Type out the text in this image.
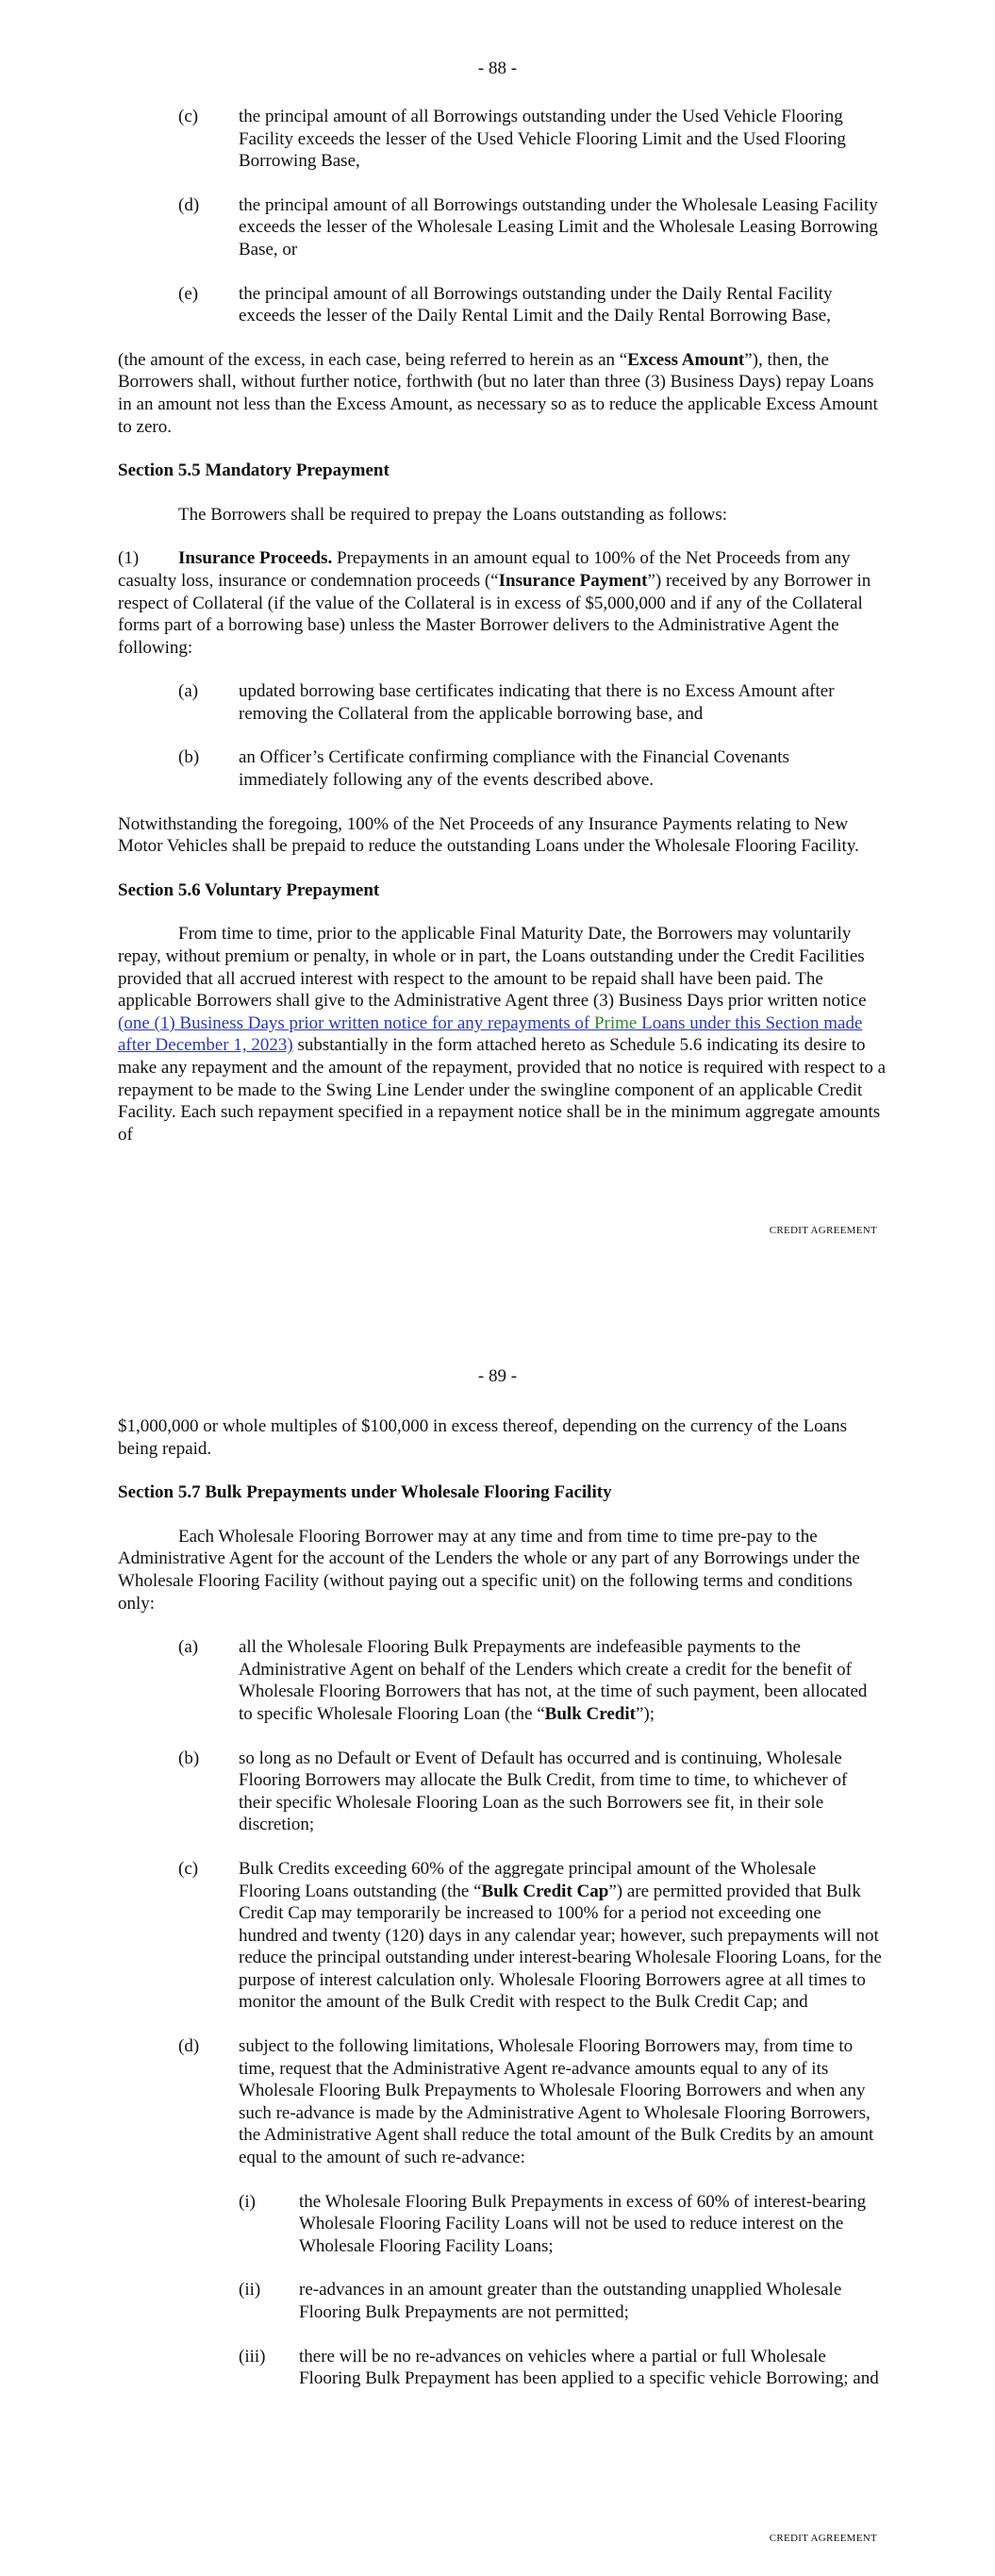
- 88 -
(c)	the principal amount of all Borrowings outstanding under the Used Vehicle Flooring Facility exceeds the lesser of the Used Vehicle Flooring Limit and the Used Flooring Borrowing Base,
(d)	the principal amount of all Borrowings outstanding under the Wholesale Leasing Facility exceeds the lesser of the Wholesale Leasing Limit and the Wholesale Leasing Borrowing Base, or
(e)	the principal amount of all Borrowings outstanding under the Daily Rental Facility exceeds the lesser of the Daily Rental Limit and the Daily Rental Borrowing Base,

(the amount of the excess, in each case, being referred to herein as an “Excess Amount”), then, the Borrowers shall, without further notice, forthwith (but no later than three (3) Business Days) repay Loans in an amount not less than the Excess Amount, as necessary so as to reduce the applicable Excess Amount to zero.

Section 5.5 Mandatory Prepayment

The Borrowers shall be required to prepay the Loans outstanding as follows:

(1) Insurance Proceeds. Prepayments in an amount equal to 100% of the Net Proceeds from any casualty loss, insurance or condemnation proceeds (“Insurance Payment”) received by any Borrower in respect of Collateral (if the value of the Collateral is in excess of $5,000,000 and if any of the Collateral forms part of a borrowing base) unless the Master Borrower delivers to the Administrative Agent the following:

(a)	updated borrowing base certificates indicating that there is no Excess Amount after removing the Collateral from the applicable borrowing base, and
(b)	an Officer’s Certificate confirming compliance with the Financial Covenants immediately following any of the events described above.

Notwithstanding the foregoing, 100% of the Net Proceeds of any Insurance Payments relating to New Motor Vehicles shall be prepaid to reduce the outstanding Loans under the Wholesale Flooring Facility.

Section 5.6 Voluntary Prepayment

From time to time, prior to the applicable Final Maturity Date, the Borrowers may voluntarily repay, without premium or penalty, in whole or in part, the Loans outstanding under the Credit Facilities provided that all accrued interest with respect to the amount to be repaid shall have been paid. The applicable Borrowers shall give to the Administrative Agent three (3) Business Days prior written notice (one (1) Business Days prior written notice for any repayments of Prime Loans under this Section made after December 1, 2023) substantially in the form attached hereto as Schedule 5.6 indicating its desire to make any repayment and the amount of the repayment, provided that no notice is required with respect to a repayment to be made to the Swing Line Lender under the swingline component of an applicable Credit Facility. Each such repayment specified in a repayment notice shall be in the minimum aggregate amounts of

CREDIT AGREEMENT
- 89 -

$1,000,000 or whole multiples of $100,000 in excess thereof, depending on the currency of the Loans being repaid.

Section 5.7 Bulk Prepayments under Wholesale Flooring Facility

Each Wholesale Flooring Borrower may at any time and from time to time pre-pay to the Administrative Agent for the account of the Lenders the whole or any part of any Borrowings under the Wholesale Flooring Facility (without paying out a specific unit) on the following terms and conditions only:

(a)	all the Wholesale Flooring Bulk Prepayments are indefeasible payments to the Administrative Agent on behalf of the Lenders which create a credit for the benefit of Wholesale Flooring Borrowers that has not, at the time of such payment, been allocated to specific Wholesale Flooring Loan (the “Bulk Credit”);
(b)	so long as no Default or Event of Default has occurred and is continuing, Wholesale Flooring Borrowers may allocate the Bulk Credit, from time to time, to whichever of their specific Wholesale Flooring Loan as the such Borrowers see fit, in their sole discretion;
(c)	Bulk Credits exceeding 60% of the aggregate principal amount of the Wholesale Flooring Loans outstanding (the “Bulk Credit Cap”) are permitted provided that Bulk Credit Cap may temporarily be increased to 100% for a period not exceeding one hundred and twenty (120) days in any calendar year; however, such prepayments will not reduce the principal outstanding under interest-bearing Wholesale Flooring Loans, for the purpose of interest calculation only. Wholesale Flooring Borrowers agree at all times to monitor the amount of the Bulk Credit with respect to the Bulk Credit Cap; and
(d)	subject to the following limitations, Wholesale Flooring Borrowers may, from time to time, request that the Administrative Agent re-advance amounts equal to any of its Wholesale Flooring Bulk Prepayments to Wholesale Flooring Borrowers and when any such re-advance is made by the Administrative Agent to Wholesale Flooring Borrowers, the Administrative Agent shall reduce the total amount of the Bulk Credits by an amount equal to the amount of such re-advance:
(i)	the Wholesale Flooring Bulk Prepayments in excess of 60% of interest-bearing Wholesale Flooring Facility Loans will not be used to reduce interest on the Wholesale Flooring Facility Loans;
(ii)	re-advances in an amount greater than the outstanding unapplied Wholesale Flooring Bulk Prepayments are not permitted;
(iii)	there will be no re-advances on vehicles where a partial or full Wholesale Flooring Bulk Prepayment has been applied to a specific vehicle Borrowing; and
CREDIT AGREEMENT
